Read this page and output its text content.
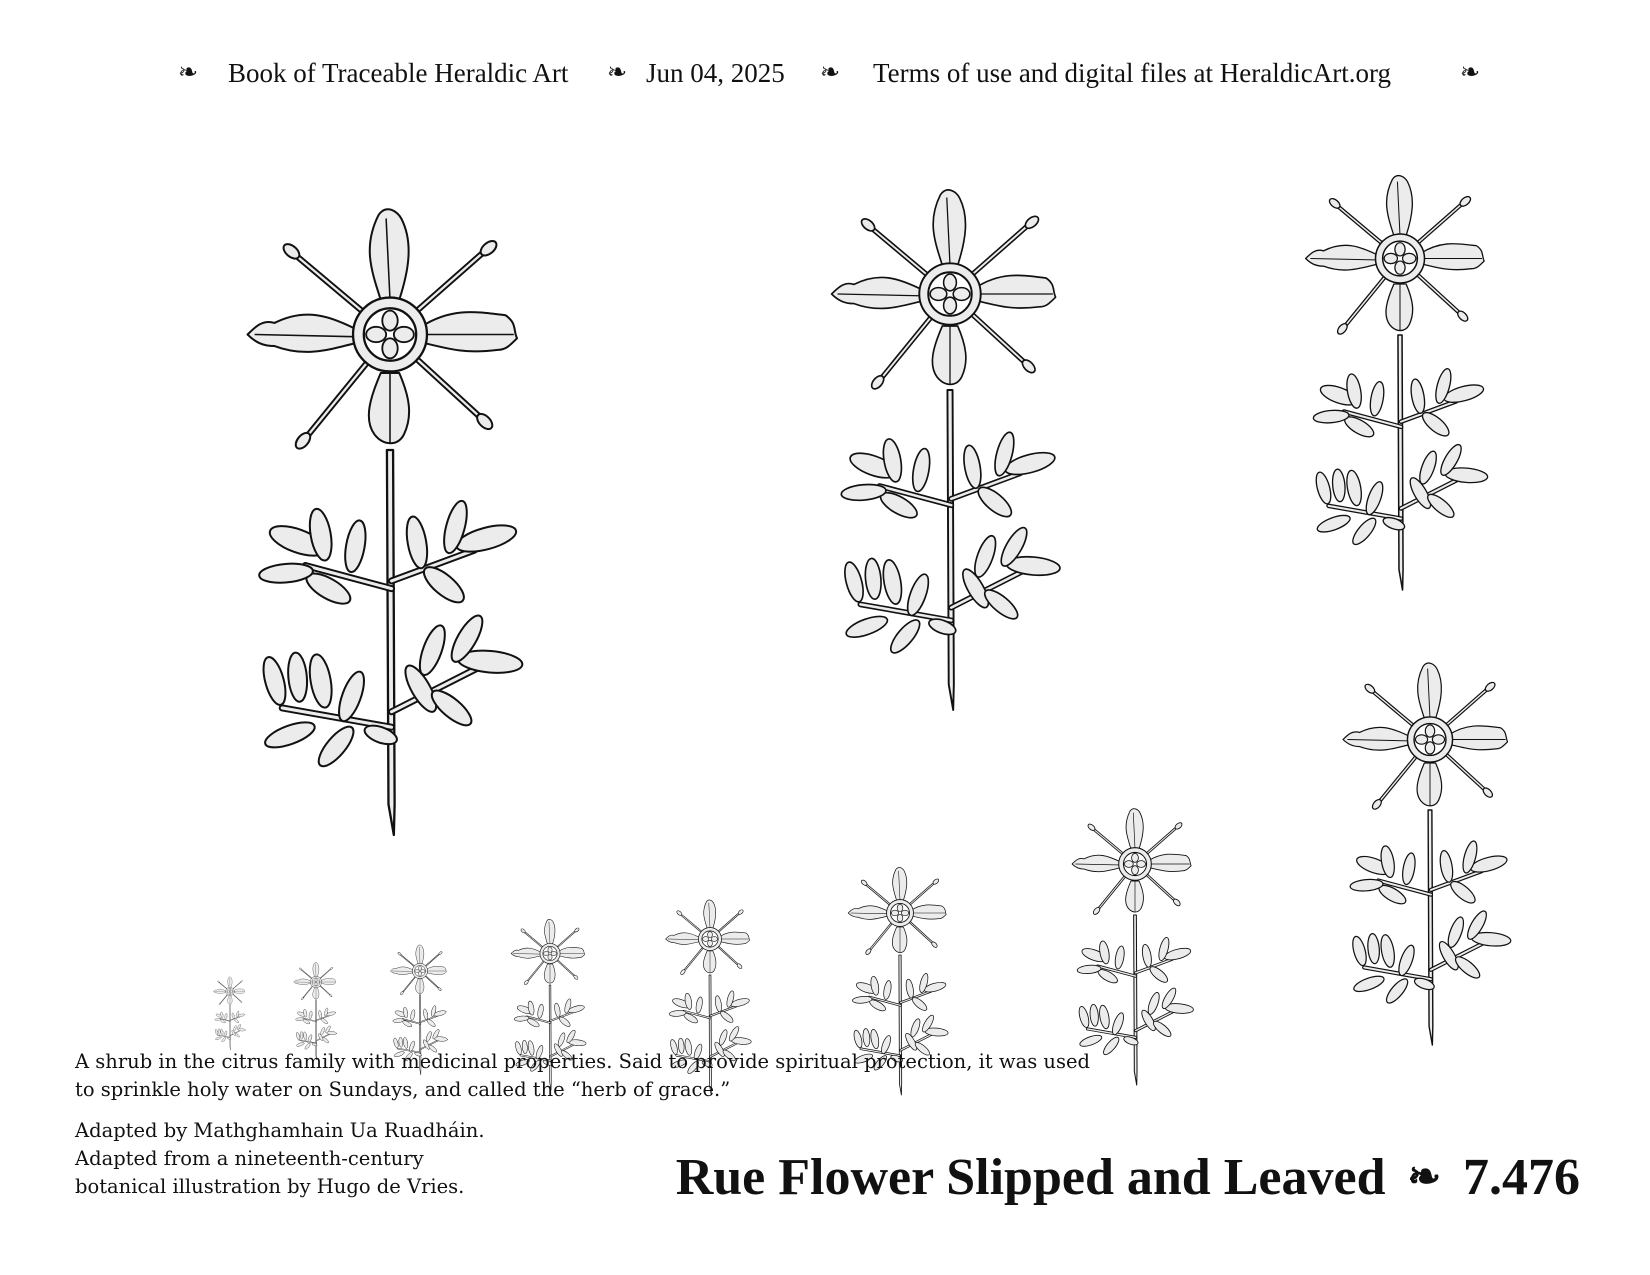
❧ Book of Traceable Heraldic Art ❧ Jun 04, 2025 ❧ Terms of use and digital files at HeraldicArt.org	❧
A shrub in the citrus family with medicinal properties. Said to provide spiritual protection, it was used to sprinkle holy water on Sundays, and called the “herb of grace.”
Adapted by Mathghamhain Ua Ruadháin.
Adapted from a nineteenth-century
botanical illustration by Hugo de Vries.	Rue Flower Slipped and Leaved ❧ 7.476
